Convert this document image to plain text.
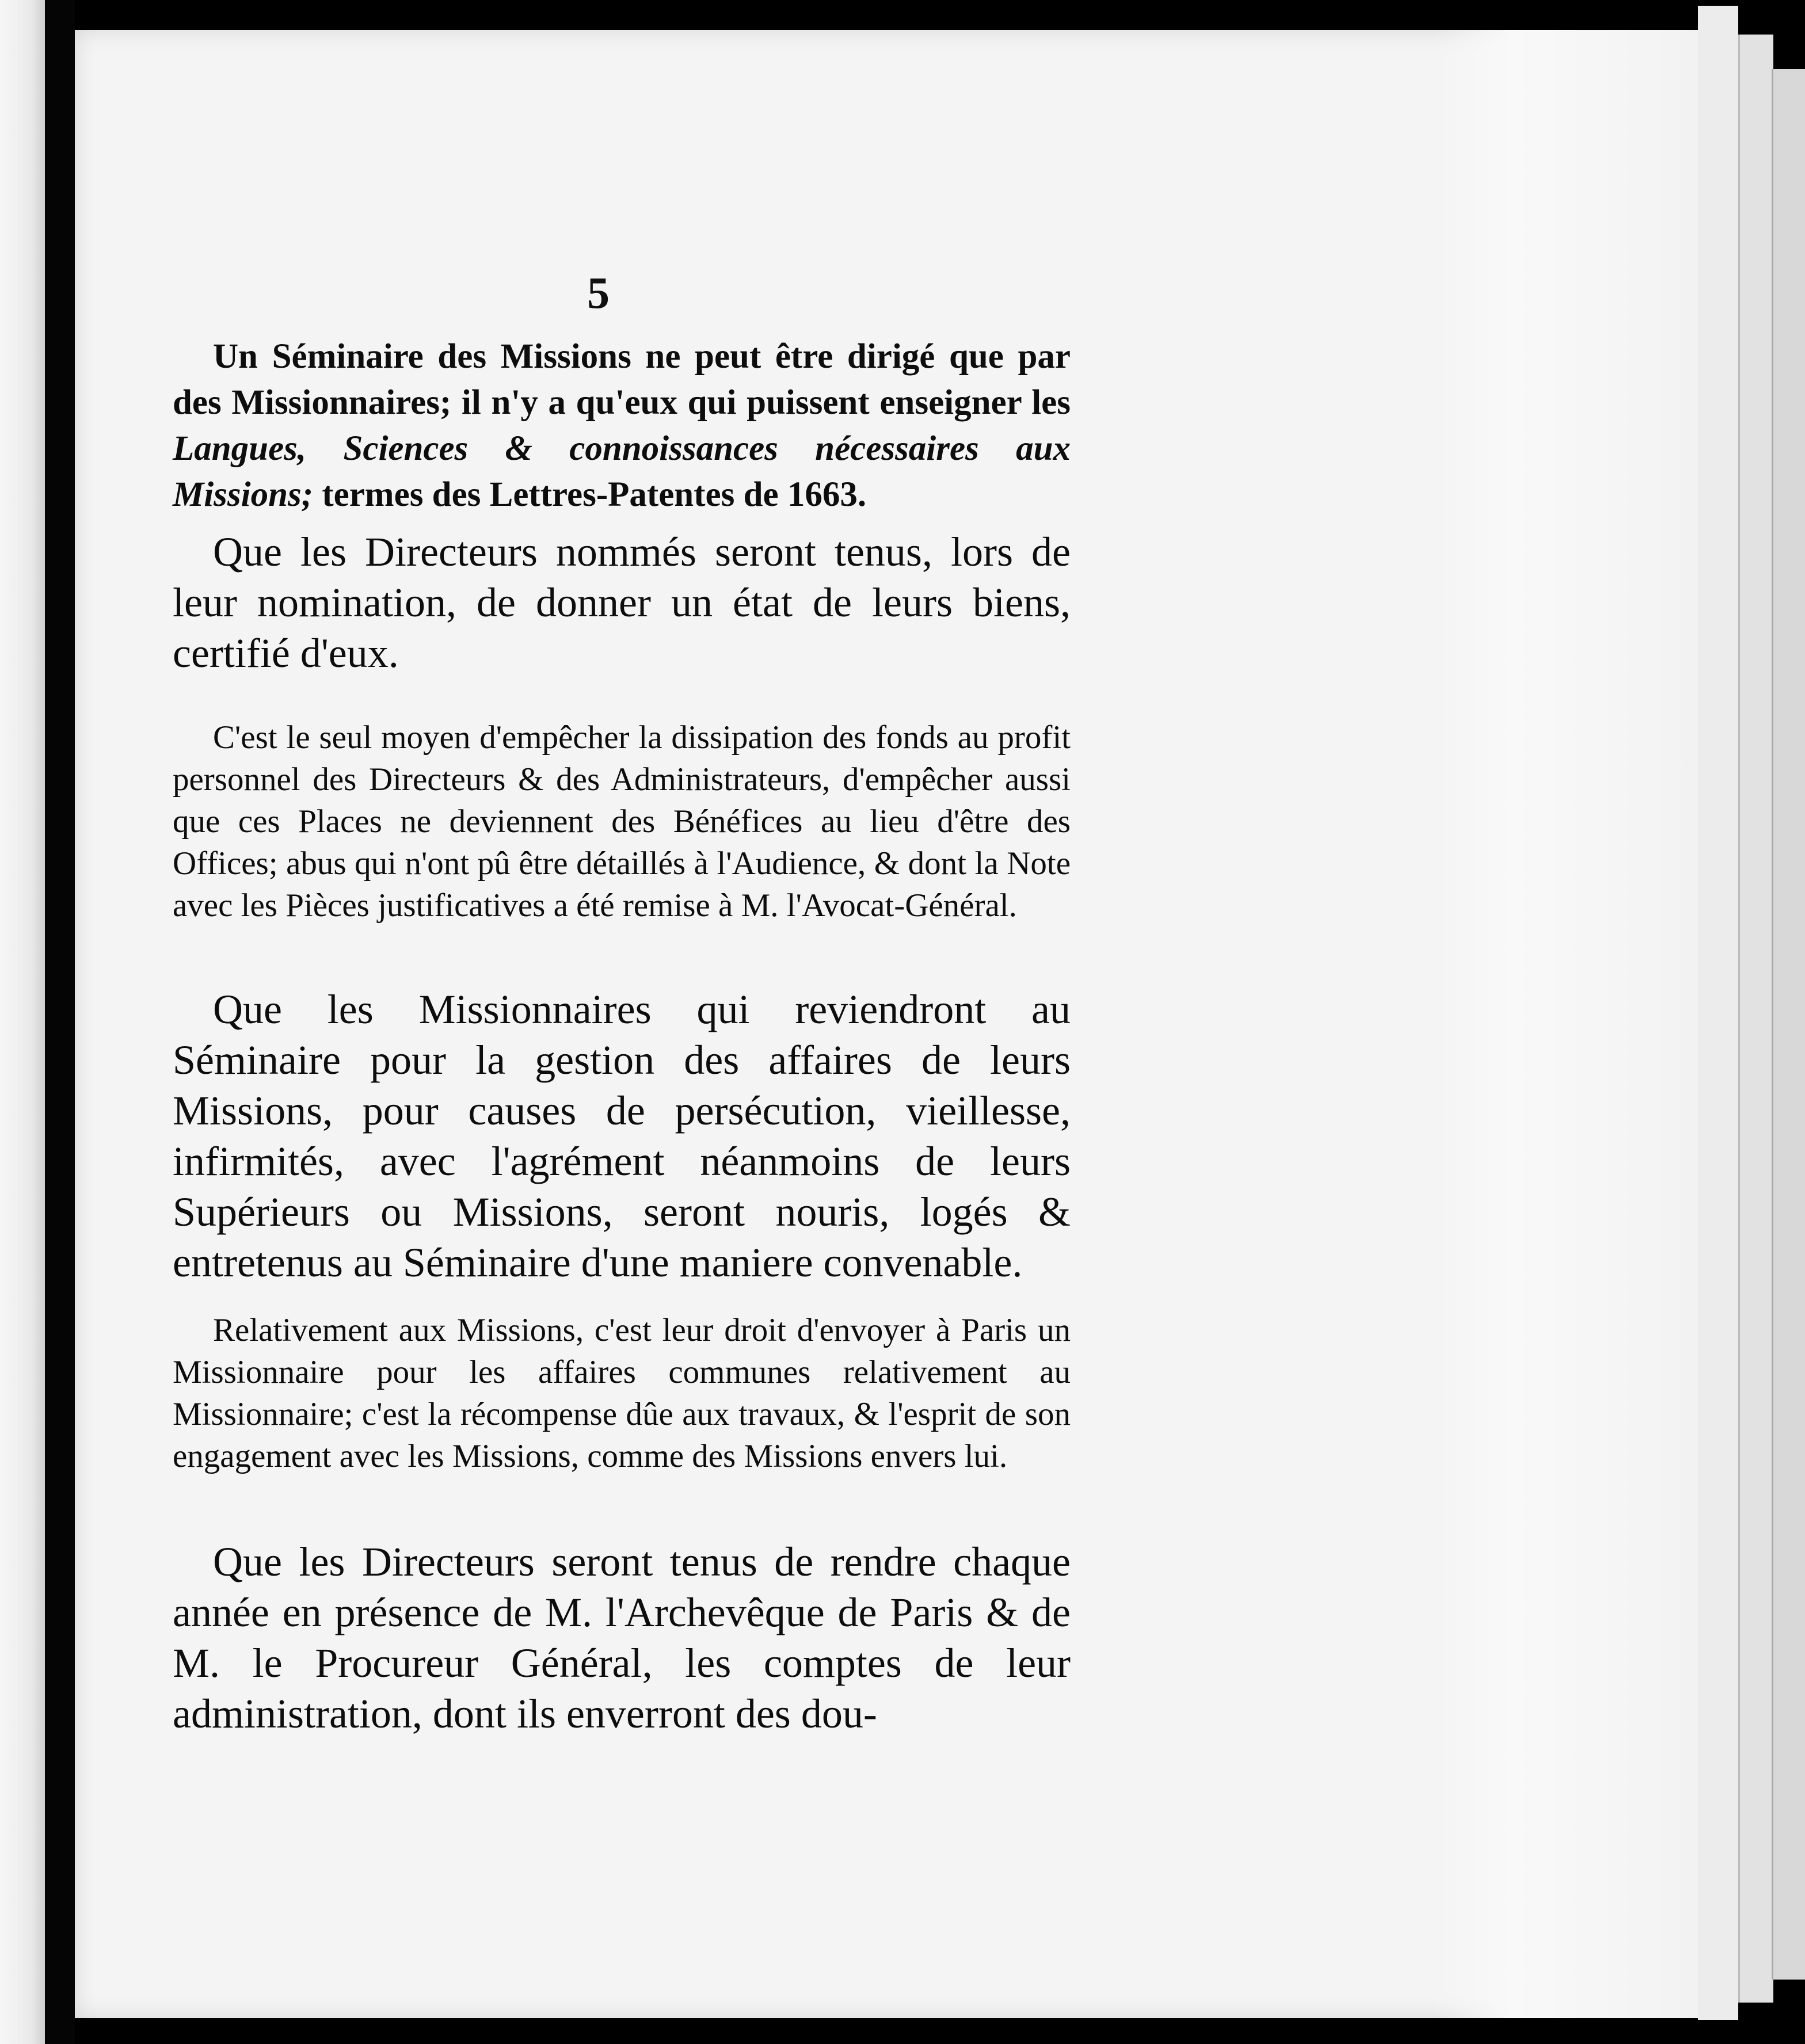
5

Un Séminaire des Missions ne peut être dirigé que par des Missionnaires; il n'y a qu'eux qui puissent enseigner les Langues, Sciences & connoissances nécessaires aux Missions; termes des Lettres-Patentes de 1663.

Que les Directeurs nommés seront tenus, lors de leur nomination, de donner un état de leurs biens, certifié d'eux.

C'est le seul moyen d'empêcher la dissipation des fonds au profit personnel des Directeurs & des Administrateurs, d'empêcher aussi que ces Places ne deviennent des Bénéfices au lieu d'être des Offices; abus qui n'ont pû être détaillés à l'Audience, & dont la Note avec les Pièces justificatives a été remise à M. l'Avocat-Général.

Que les Missionnaires qui reviendront au Séminaire pour la gestion des affaires de leurs Missions, pour causes de persécution, vieillesse, infirmités, avec l'agrément néanmoins de leurs Supérieurs ou Missions, seront nouris, logés & entretenus au Séminaire d'une maniere convenable.

Relativement aux Missions, c'est leur droit d'envoyer à Paris un Missionnaire pour les affaires communes relativement au Missionnaire; c'est la récompense dûe aux travaux, & l'esprit de son engagement avec les Missions, comme des Missions envers lui.

Que les Directeurs seront tenus de rendre chaque année en présence de M. l'Archevêque de Paris & de M. le Procureur Général, les comptes de leur administration, dont ils enverront des dou-
